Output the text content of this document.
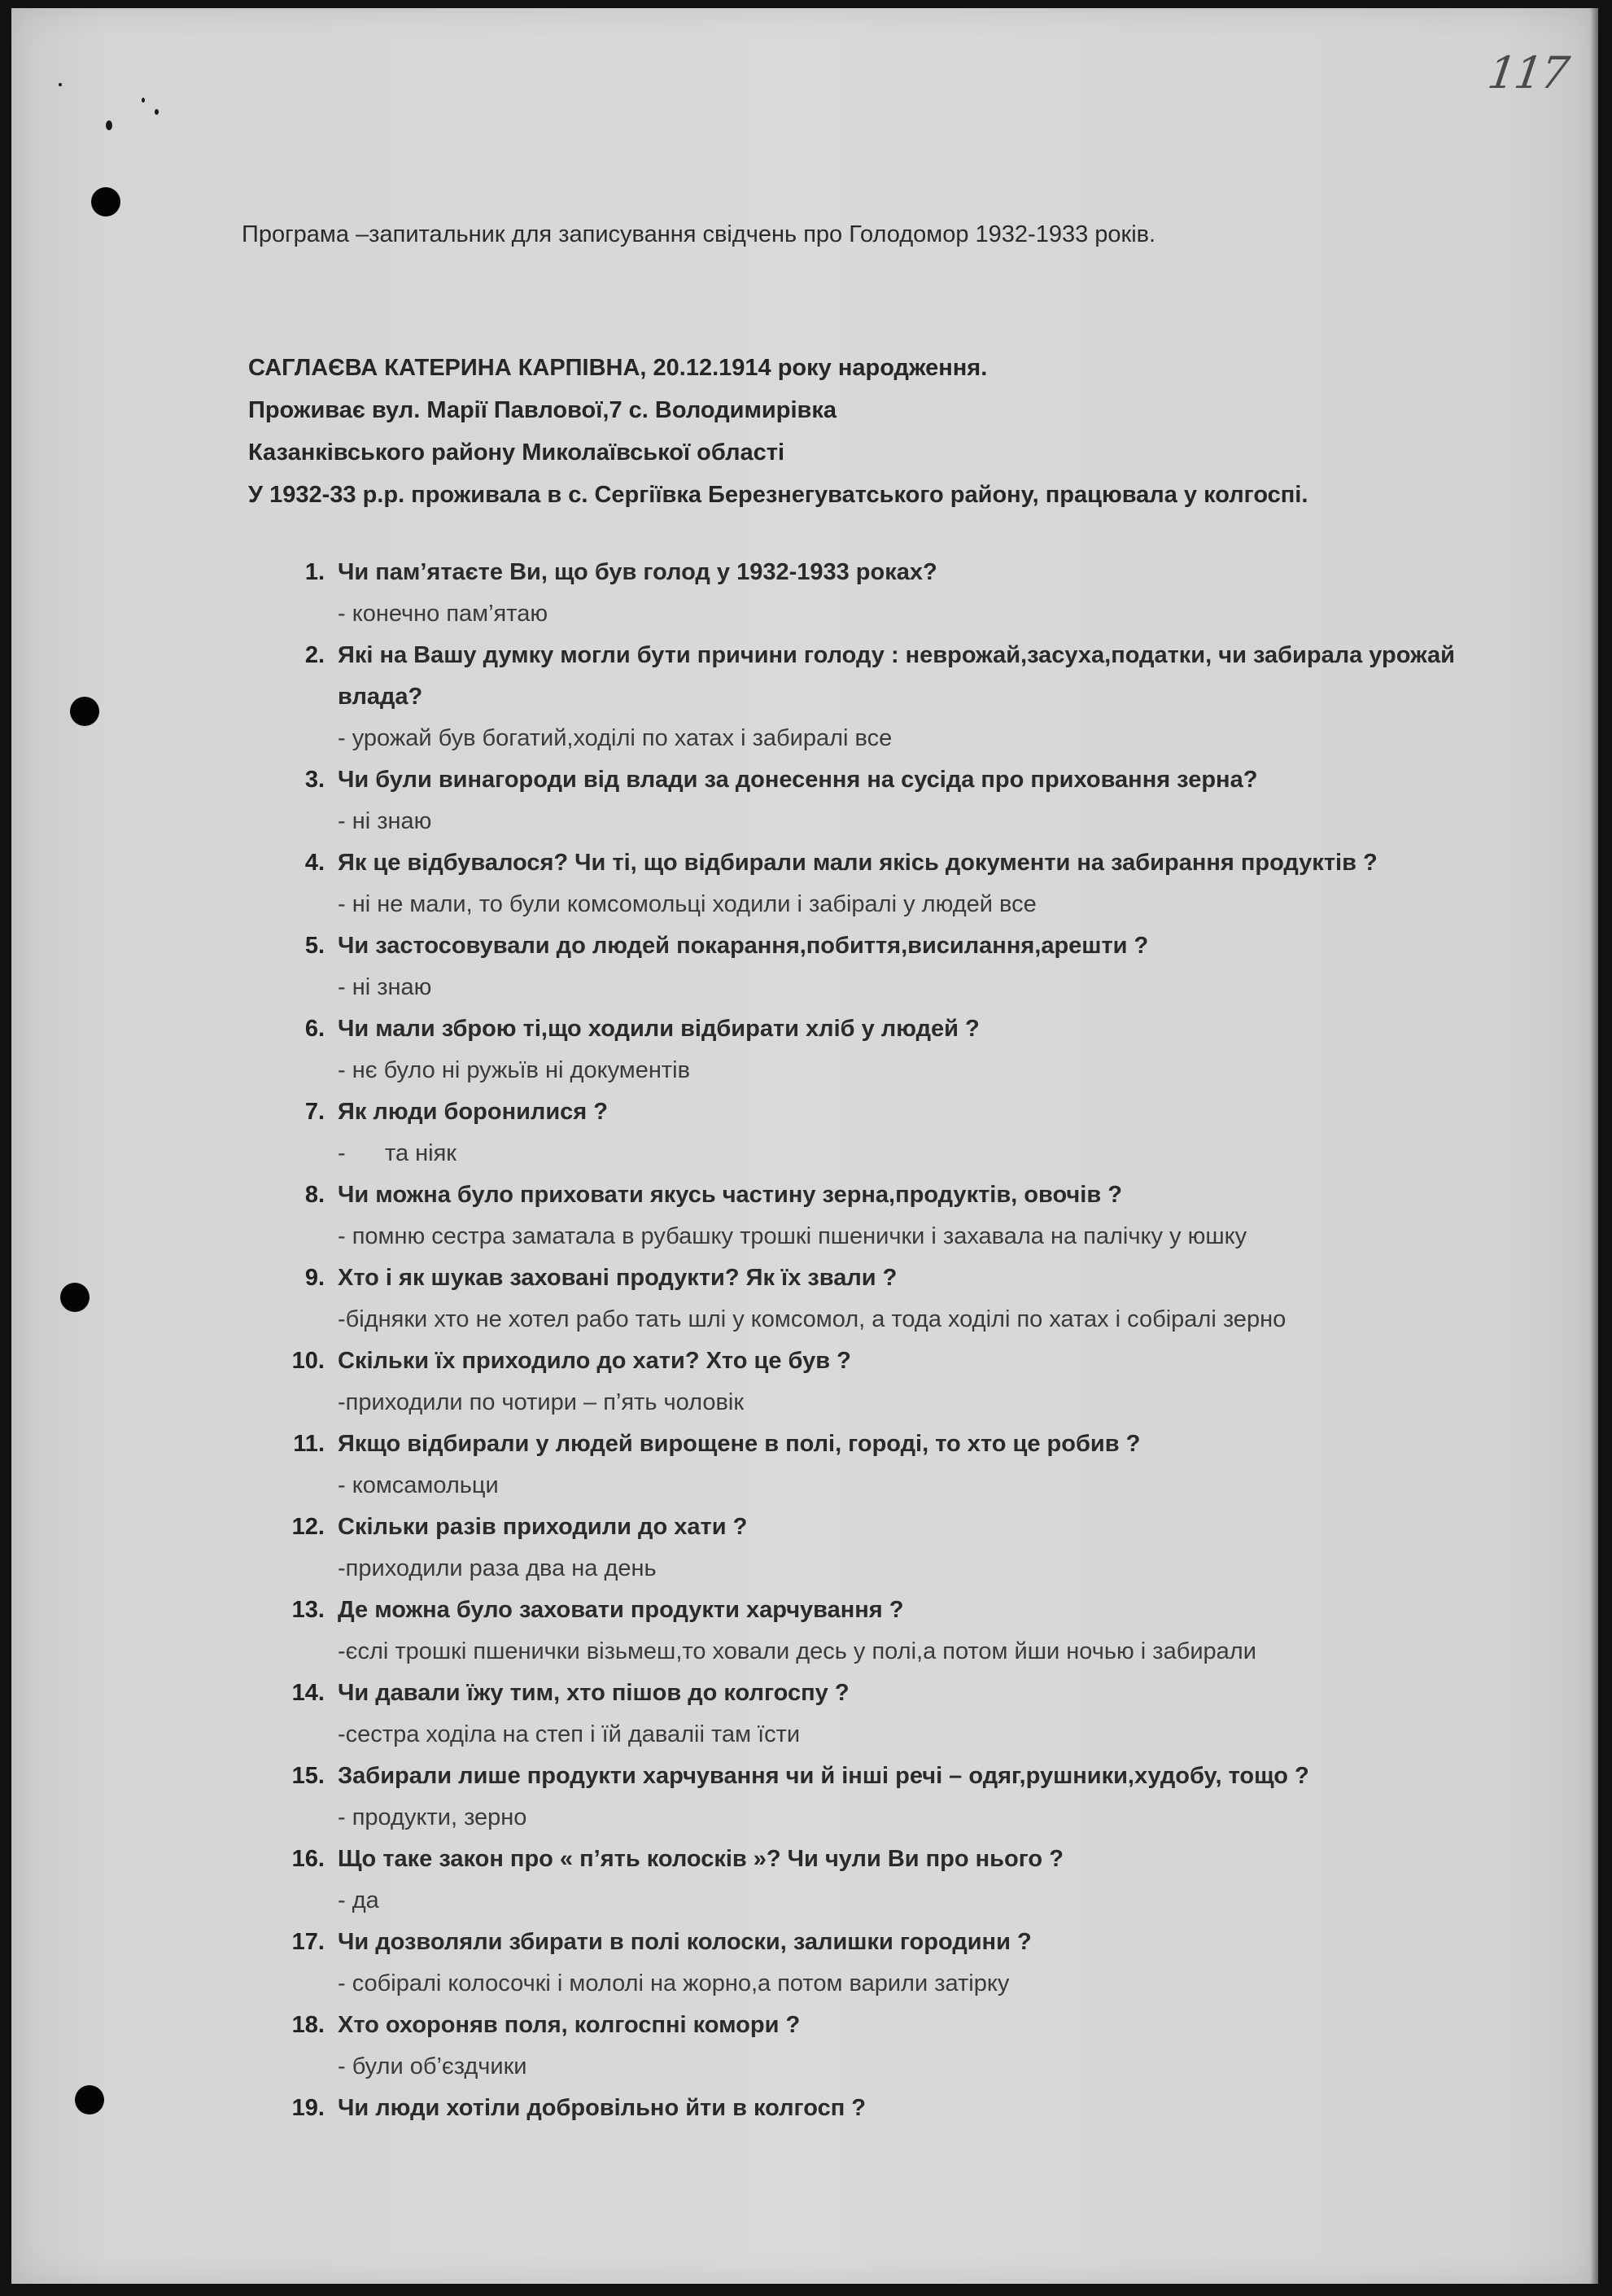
117
Програма –запитальник для записування свідчень про Голодомор 1932-1933 років.
САГЛАЄВА КАТЕРИНА КАРПІВНА, 20.12.1914 року народження.
Проживає вул. Марії Павлової,7 с. Володимирівка
Казанківського району Миколаївської області
У 1932-33 р.р. проживала в с. Сергіївка Березнегуватського району, працювала у колгоспі.
1. Чи пам’ятаєте Ви, що був голод у 1932-1933 роках?
- конечно пам’ятаю
2. Які на Вашу думку могли бути причини голоду : неврожай,засуха,податки, чи забирала урожай влада?
- урожай був богатий,ходілі по хатах і забиралі все
3. Чи були винагороди від влади за донесення на сусіда про приховання зерна?
- ні знаю
4. Як це відбувалося? Чи ті, що відбирали мали якісь документи на забирання продуктів ?
- ні не мали, то були комсомольці ходили і забіралі у людей все
5. Чи застосовували до людей покарання,побиття,висилання,арешти ?
- ні знаю
6. Чи мали зброю ті,що ходили відбирати хліб у людей ?
- нє було ні ружьїв ні документів
7. Як люди боронилися ?
-      та ніяк
8. Чи можна було приховати якусь частину зерна,продуктів, овочів ?
- помню сестра заматала в рубашку трошкі пшенички і захавала на палічку у юшку
9. Хто і як шукав заховані продукти? Як їх звали ?
-бідняки хто не хотел рабо тать шлі у комсомол, а тода ходілі по хатах і собіралі зерно
10. Скільки їх приходило до хати? Хто це був ?
-приходили по чотири – п’ять чоловік
11. Якщо відбирали у людей вирощене в полі, городі, то хто це робив ?
- комсамольци
12. Скільки разів приходили до хати ?
-приходили раза два на день
13. Де можна було заховати продукти харчування ?
-єслі трошкі пшенички візьмеш,то ховали десь у полі,а потом йши ночью і забирали
14. Чи давали їжу тим, хто пішов до колгоспу ?
-сестра ходіла на степ і їй даваліі там їсти
15. Забирали лише продукти харчування чи й інші речі – одяг,рушники,худобу, тощо ?
- продукти, зерно
16. Що таке закон про « п’ять колосків »? Чи чули Ви про нього ?
- да
17. Чи дозволяли збирати в полі колоски, залишки городини ?
- собіралі колосочкі і мололі на жорно,а потом варили затірку
18. Хто охороняв поля, колгоспні комори ?
- були об’єздчики
19. Чи люди хотіли добровільно йти в колгосп ?
